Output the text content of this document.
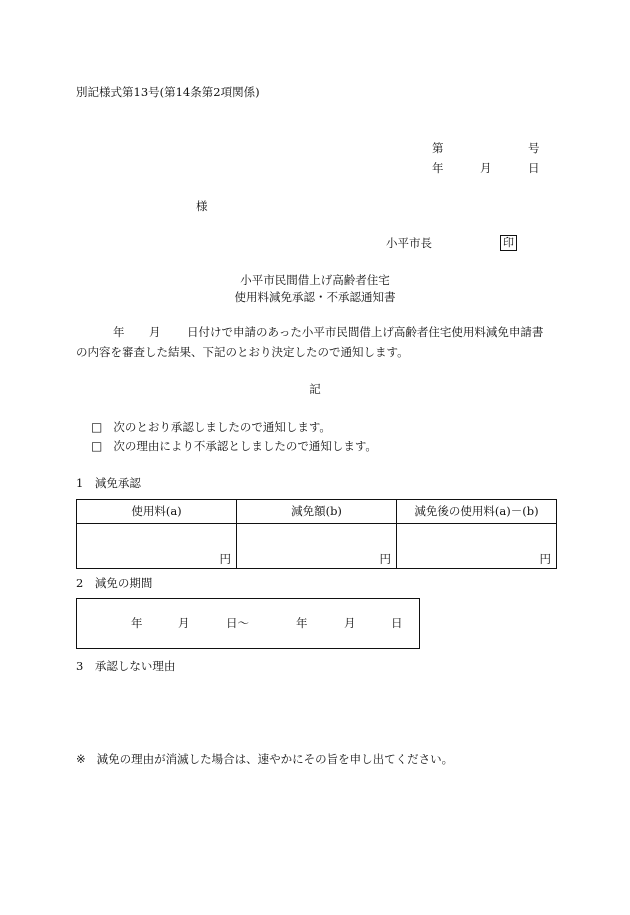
別記様式第13号(第14条第2項関係)
第	号
年	月	日
様
小平市長	印
小平市民間借上げ高齢者住宅
使用料減免承認・不承認通知書
年 月 日付けで申請のあった小平市民間借上げ高齢者住宅使用料減免申請書
の内容を審査した結果、下記のとおり決定したので通知します。
記
□ 次のとおり承認しましたので通知します。
□ 次の理由により不承認としましたので通知します。
1　減免承認
使用料(a)	減免額(b)	減免後の使用料(a)－(b)
円	円	円
2　減免の期間
年	月	日～	年	月	日
3　承認しない理由
※ 減免の理由が消滅した場合は、速やかにその旨を申し出てください。
